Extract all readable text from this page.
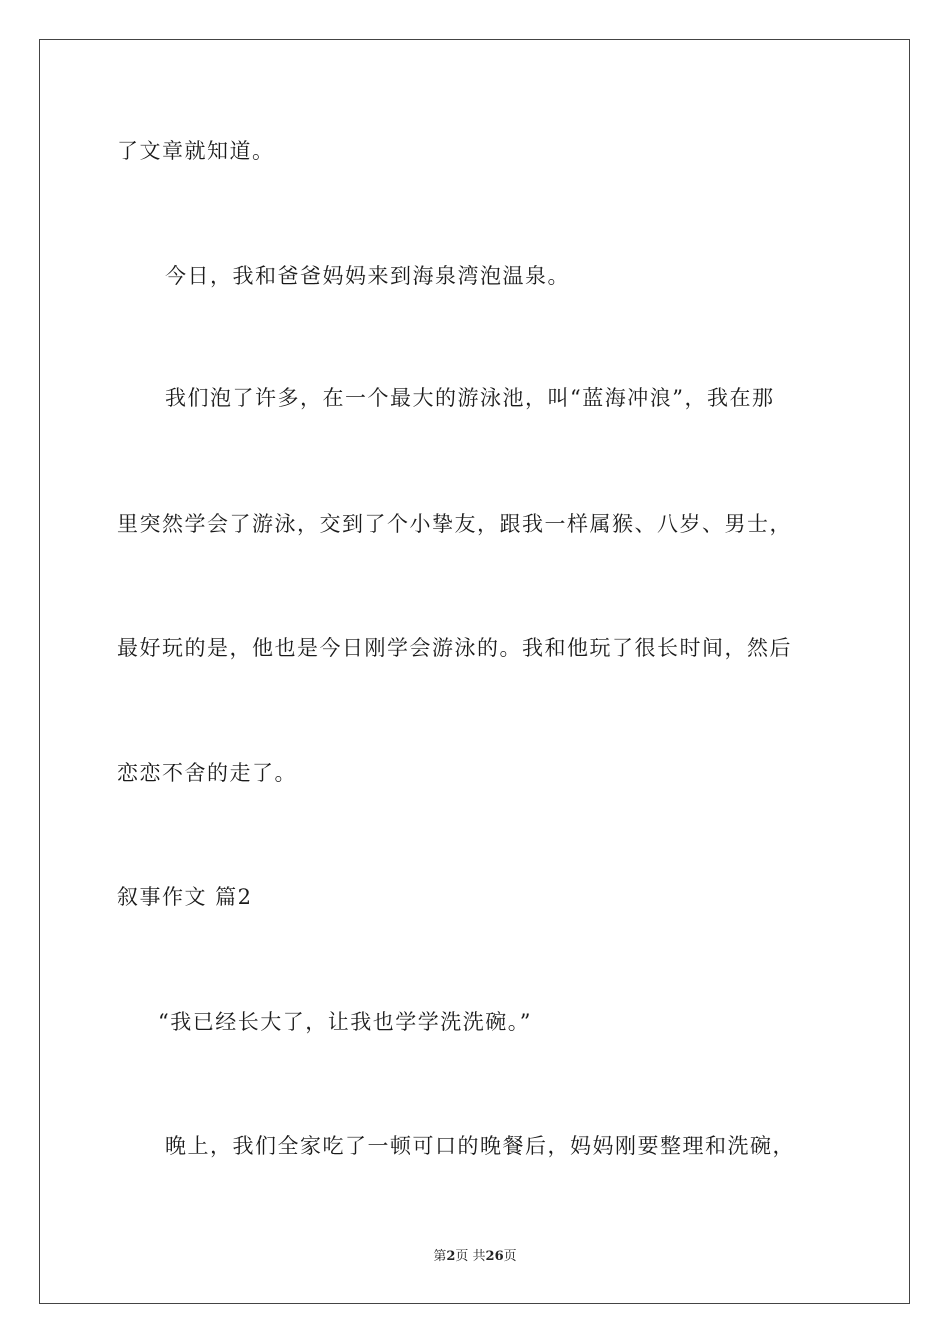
了文章就知道。
今日，我和爸爸妈妈来到海泉湾泡温泉。
我们泡了许多，在一个最大的游泳池，叫“蓝海冲浪”，我在那
里突然学会了游泳，交到了个小挚友，跟我一样属猴、八岁、男士，
最好玩的是，他也是今日刚学会游泳的。我和他玩了很长时间，然后
恋恋不舍的走了。
叙事作文 篇2
“我已经长大了，让我也学学洗洗碗。”
晚上，我们全家吃了一顿可口的晚餐后，妈妈刚要整理和洗碗，
第2页 共26页
